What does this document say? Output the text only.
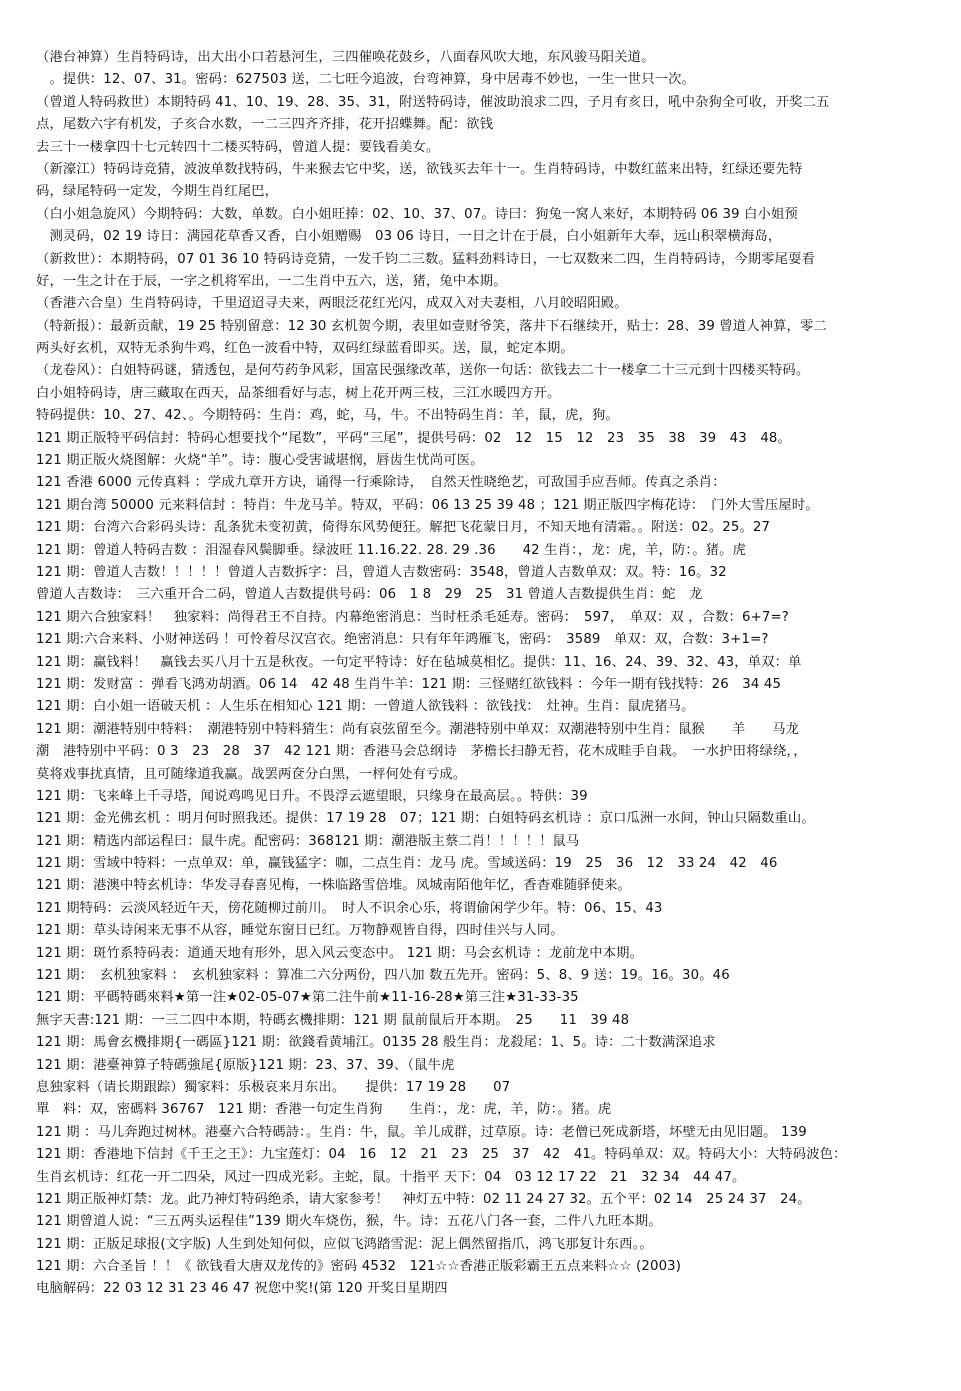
（港台神算）生肖特码诗，出大出小口若悬河生，三四催唤花鼓乡，八面春风吹大地，东风骏马阳关道。
　。提供：12、07、31。密码：627503 送，二七旺今追波，台弯神算，身中居毒不妙也，一生一世只一次。
（曾道人特码救世）本期特码 41、10、19、28、35、31，附送特码诗，催波助浪求二四，子月有亥日，吼中杂狗全可收，开奖二五
点，尾数六字有机发，子亥合水数，一二三四齐齐排，花开招蝶舞。配：欲钱
去三十一楼拿四十七元转四十二楼买特码，曾道人提：要钱看美女。
（新濠江）特码诗竞猜，波波单数找特码，牛来猴去它中奖，送，欲钱买去年十一。生肖特码诗，中数红蓝来出特，红绿还要先特
码，绿尾特码一定发，今期生肖红尾巴，
（白小姐急旋风）今期特码：大数，单数。白小姐旺捧：02、10、37、07。诗曰：狗兔一窝人来好，本期特码 06 39 白小姐预
　测灵码，02 19 诗日：满园花草香又香，白小姐赠赐　03 06 诗日，一日之计在于晨，白小姐新年大奉，远山积翠横海岛，
（新救世）：本期特码，07 01 36 10 特码诗竞猜，一发千钧二三数。猛料劲料诗日，一七双数来二四，生肖特码诗，今期零尾耍看
好，一生之计在于辰，一字之机将军出，一二生肖中五六，送，猪，兔中本期。
（香港六合皇）生肖特码诗，千里迢迢寻夫来，两眼泛花红光闪，成双入对夫妻相，八月皎昭阳殿。
（特新报）：最新贡献，19 25 特别留意：12 30 玄机贺今期，表里如壹财爷笑，落井下石继续开，贴士：28、39 曾道人神算，零二
两头好玄机，双特无杀狗牛鸡，红色一波看中特，双码红绿蓝看即买。送，鼠，蛇定本期。
（龙卷风）：白姐特码谜，猜透包，是何芍药争风彩，国富民强缘改革，送你一句话：欲钱去二十一楼拿二十三元到十四楼买特码。
白小姐特码诗，唐三藏取在西天，品茶细看好与志，树上花开两三枝，三江水暖四方开。
特码提供：10、27、42、。今期特码：生肖：鸡，蛇，马，牛。不出特码生肖：羊，鼠，虎，狗。
121 期正版特平码信封：特码心想要找个“尾数”，平码“三尾”，提供号码：02　12　15　12　23　35　38　39　43　48。
121 期正版火烧图解：火烧“羊”。诗：腹心受害诚堪悯，唇齿生忧尚可医。
121 香港 6000 元传真料 ：学成九章开方诀，诵得一行乘除诗，　自然天性晓绝艺，可敌国手应吾师。传真之杀肖：
121 期台湾 50000 元来料信封 ：特肖：牛龙马羊。特双，平码：06 13 25 39 48 ；121 期正版四字梅花诗：　门外大雪压屋时。
121 期：台湾六合彩码头诗：乱条犹未变初黄，倚得东风势便狂。解把飞花蒙日月，不知天地有清霜。。附送：02。25。27
121 期：曾道人特码吉数 ：泪湿春风鬓脚垂。绿波旺 11.16.22. 28. 29 .36　　42 生肖：，龙：虎，羊，防：。猪。虎
121 期：曾道人吉数！！！！！曾道人吉数拆字：吕，曾道人吉数密码：3548，曾道人吉数单双：双。特：16。32
曾道人吉数诗：　三六重开合二码，曾道人吉数提供号码：06　1 8　29　25　31 曾道人吉数提供生肖：蛇　龙
121 期六合独家料！　独家料：尚得君王不自持。内幕绝密消息：当时枉杀毛延寿。密码：　597，　单双：双 ，合数：6+7=?
121 期:六合来料、小财神送码 ！可怜着尽汉宫衣。绝密消息：只有年年鸿雁飞，密码：　3589　单双：双，合数：3+1=?
121 期：赢钱料！　赢钱去买八月十五是秋夜。一句定平特诗：好在毡城莫相忆。提供：11、16、24、39、32、43，单双：单
121 期：发财富 ：弹看飞鸿劝胡酒。06 14　42 48 生肖牛羊：121 期：三怪赌红欲钱料 ：今年一期有钱找特：26　34 45
121 期：白小姐一语破天机 ：人生乐在相知心 121 期：一曾道人欲钱料 ：欲钱找：　灶神。生肖：鼠虎猪马。
121 期：潮港特别中特料：　潮港特别中特料猜生：尚有哀弦留至今。潮港特别中单双：双潮港特别中生肖：鼠猴　　羊　　马龙
潮　港特别中平码：0 3　23　28　37　42 121 期：香港马会总纲诗　茅檐长扫静无苔，花木成畦手自栽。　一水护田将绿绕，，
莫将戏事扰真情，且可随缘道我赢。战罢两奁分白黑，一枰何处有亏成。
121 期：飞来峰上千寻塔，闻说鸡鸣见日升。不畏浮云遮望眼，只缘身在最高层。。特供：39
121 期：金光佛玄机 ：明月何时照我还。提供：17 19 28　07；121 期：白姐特码玄机诗 ：京口瓜洲一水间，钟山只隔数重山。
121 期：精选内部运程曰：鼠牛虎。配密码：368121 期：潮港版主蔡二肖！！！！！鼠马
121 期：雪域中特料：一点单双：单，赢钱猛字：咖，二点生肖：龙马 虎。雪域送码：19　25　36　12　33 24　42　46
121 期：港澳中特玄机诗：华发寻春喜见梅，一株临路雪倍堆。凤城南陌他年忆，香杳难随驿使来。
121 期特码：云淡风轻近午天，傍花随柳过前川。　时人不识余心乐，将谓偷闲学少年。特：06、15、43
121 期：草头诗闲来无事不从容，睡觉东窗日已红。万物静观皆自得，四时佳兴与人同。
121 期：斑竹系特码表：道通天地有形外，思入风云变态中。 121 期：马会玄机诗 ：龙前龙中本期。
121 期：　玄机独家料 ：　玄机独家料 ：算准二六分两份，四八加 数五先开。密码：5、8、9 送：19。16。30。46
121 期：平碼特碼來料★第一注★02-05-07★第二注牛前★11-16-28★第三注★31-33-35
無字天書:121 期：一三二四中本期，特碼玄機排期：121 期 鼠前鼠后开本期。　25　　11　39 48
121 期：馬會玄機排期{一碼區}121 期：欲錢看黄埔江。0135 28 般生肖：龙殺尾：1、5。诗：二十数满深追求
121 期：港臺神算子特碼強尾{原版}121 期：23、37、39、（鼠牛虎
息独家料（请长期跟踪）獨家料：乐极哀来月东出。　　提供：17 19 28　　07
單　料：双，密碼料 36767　121 期：香港一句定生肖狗　　生肖：，龙：虎，羊，防：。猪。虎
121 期 ：马儿奔跑过树林。港臺六合特碼詩：。生肖：牛，鼠。羊儿成群，过草原。诗：老僧已死成新塔，坏壁无由见旧题。 139
121 期：香港地下信封《千王之王》：九宝莲灯：04　16　12　21　23　25　37　42　41。特码单双：双。特码大小：大特码波色：
生肖玄机诗：红花一开二四朵，风过一四成光彩。主蛇，鼠。十指平 天下：04　03 12 17 22　21　32 34　44 47。
121 期正版神灯禁：龙。此乃神灯特码绝杀，请大家参考！　神灯五中特：02 11 24 27 32。五个平：02 14　25 24 37　24。
121 期曾道人说：“三五两头运程佳”139 期火车烧伤，猴，牛。诗：五花八门各一套，二件八九旺本期。
121 期：正版足球报(文字版) 人生到处知何似，应似飞鸿踏雪泥：泥上偶然留指爪，鸿飞那复计东西。。
121 期：六合圣旨 ！！《 欲钱看大唐双龙传的》密码 4532　121☆☆香港正版彩霸王五点来料☆☆ (2003)
电脑解码：22 03 12 31 23 46 47 祝您中奖!(第 120 开奖日星期四
